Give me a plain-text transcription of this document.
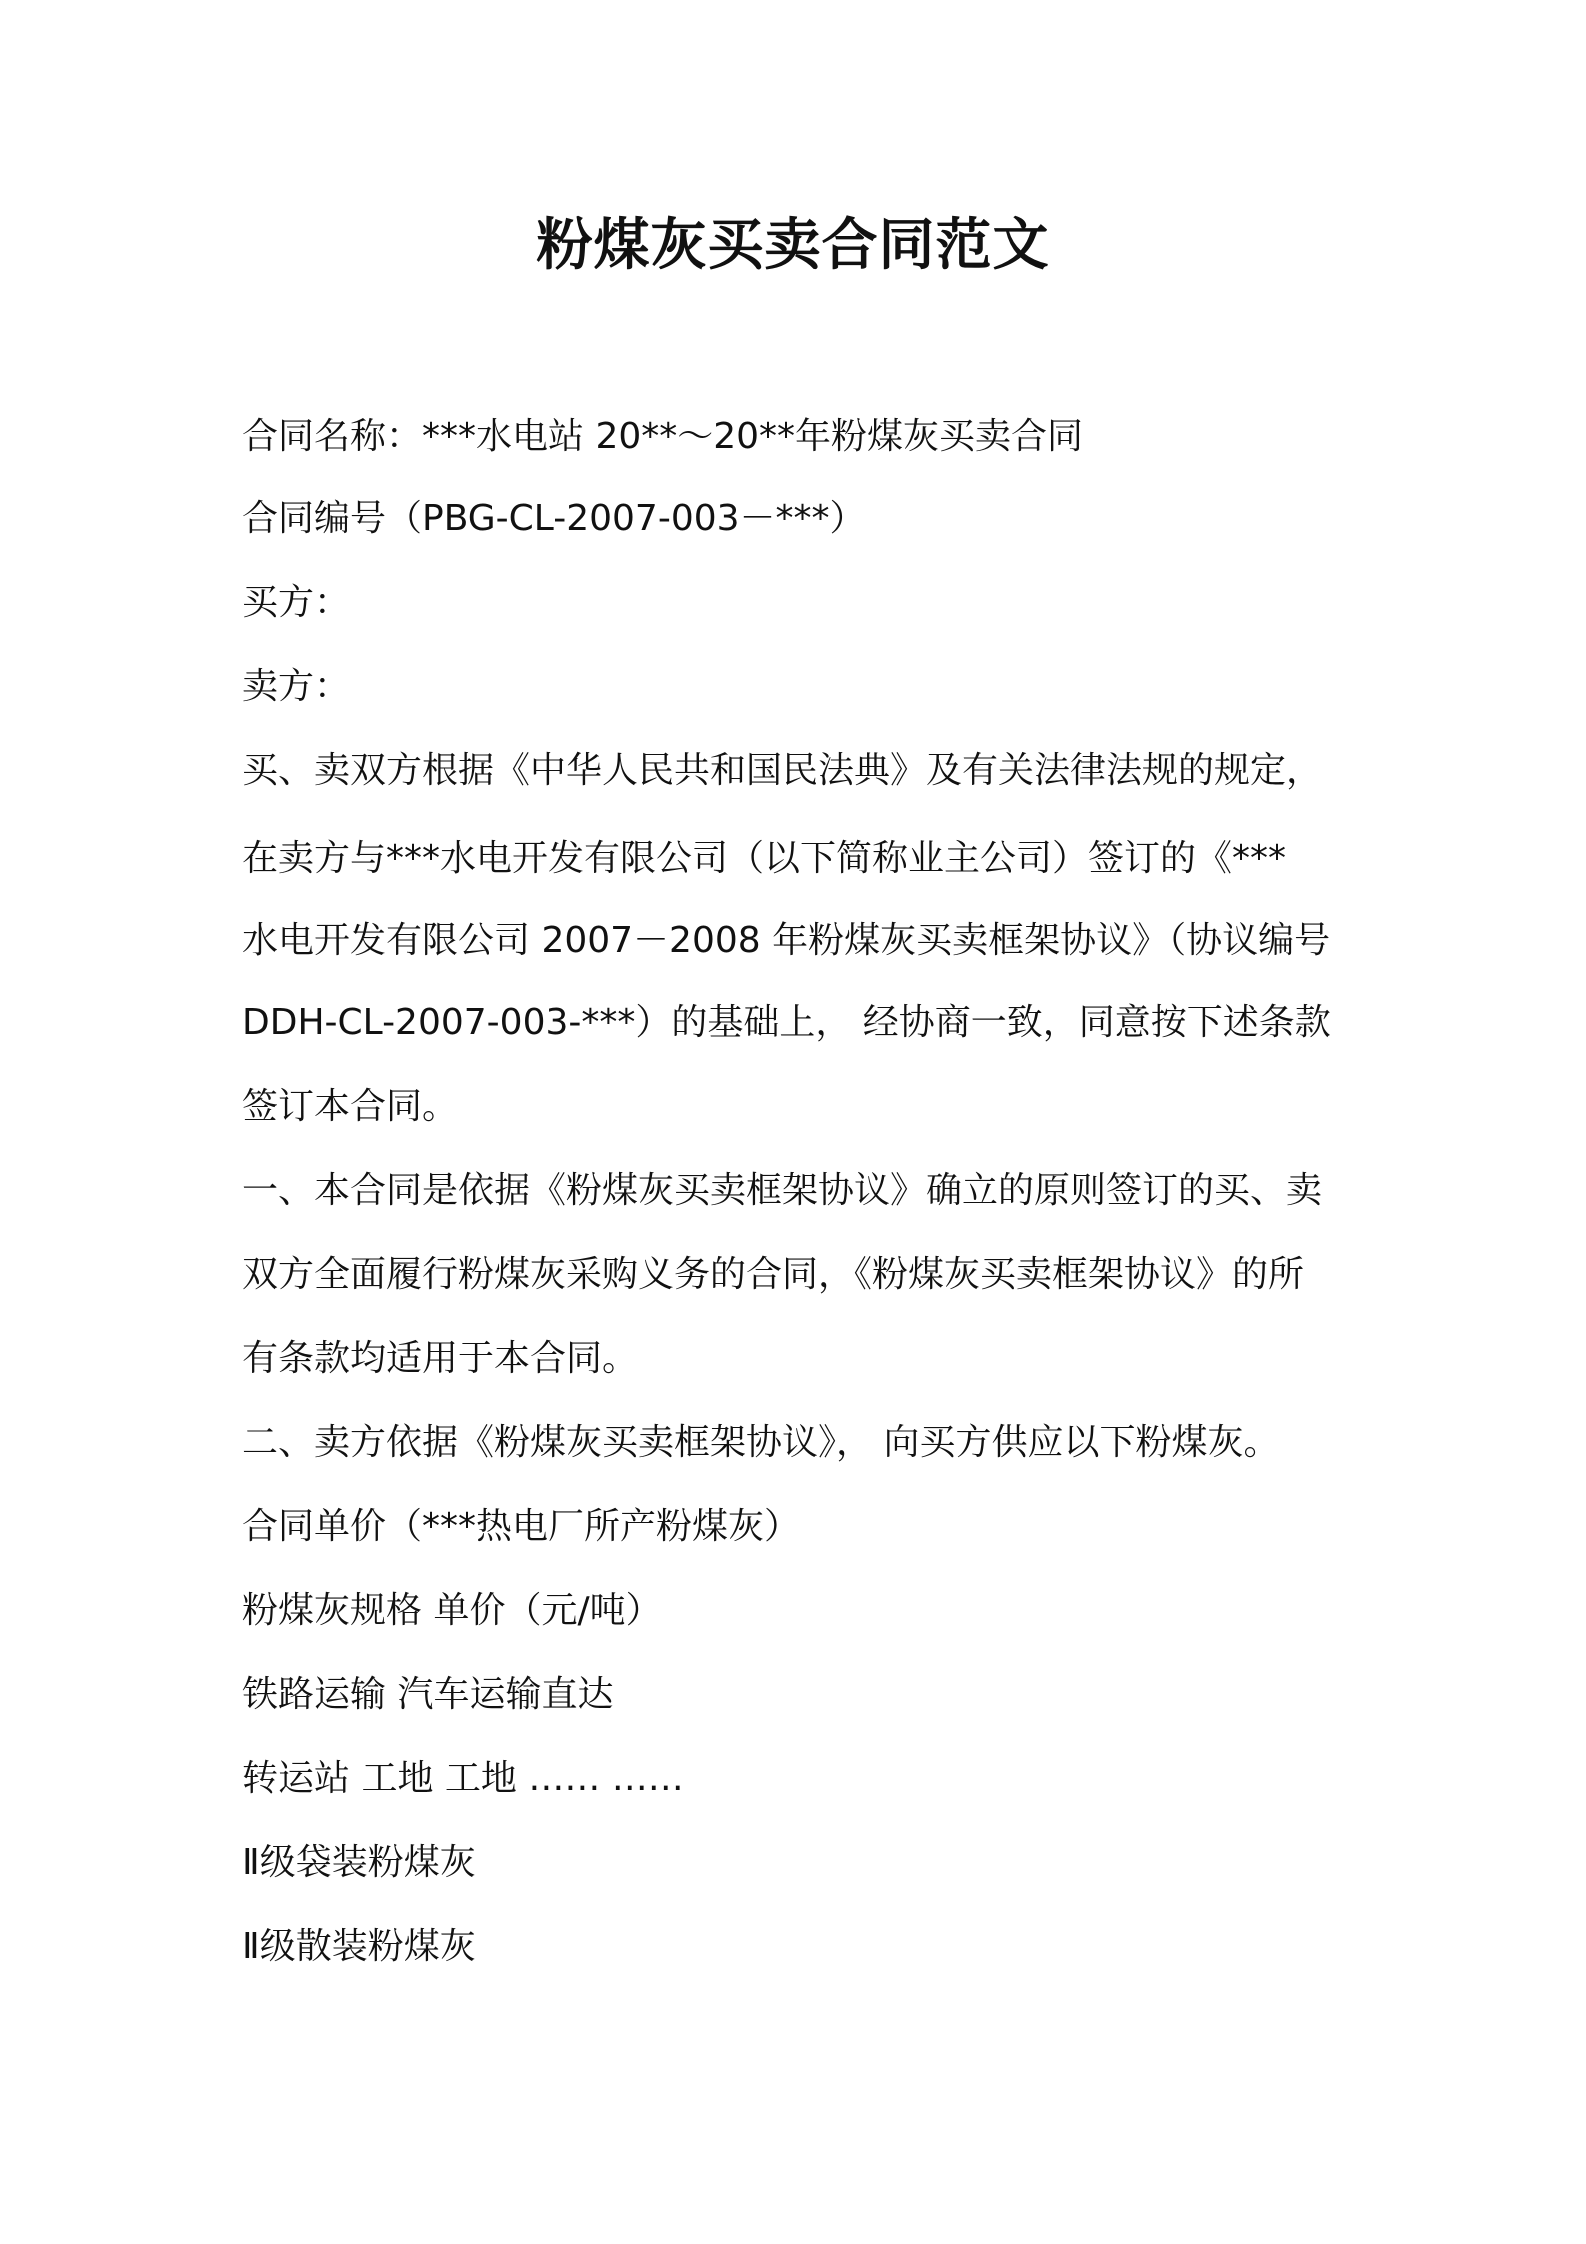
粉煤灰买卖合同范文
合同名称：***水电站 20**～20**年粉煤灰买卖合同
合同编号（PBG-CL-2007-003－***）
买方：
卖方：
买、卖双方根据《中华人民共和国民法典》及有关法律法规的规定，
在卖方与***水电开发有限公司（以下简称业主公司）签订的《***
水电开发有限公司 2007－2008 年粉煤灰买卖框架协议》（协议编号
DDH-CL-2007-003-***）的基础上， 经协商一致，同意按下述条款
签订本合同。
一、本合同是依据《粉煤灰买卖框架协议》确立的原则签订的买、卖
双方全面履行粉煤灰采购义务的合同，《粉煤灰买卖框架协议》的所
有条款均适用于本合同。
二、卖方依据《粉煤灰买卖框架协议》， 向买方供应以下粉煤灰。
合同单价（***热电厂所产粉煤灰）
粉煤灰规格 单价（元/吨）
铁路运输 汽车运输直达
转运站 工地 工地 …… ……
Ⅱ级袋装粉煤灰
Ⅱ级散装粉煤灰
